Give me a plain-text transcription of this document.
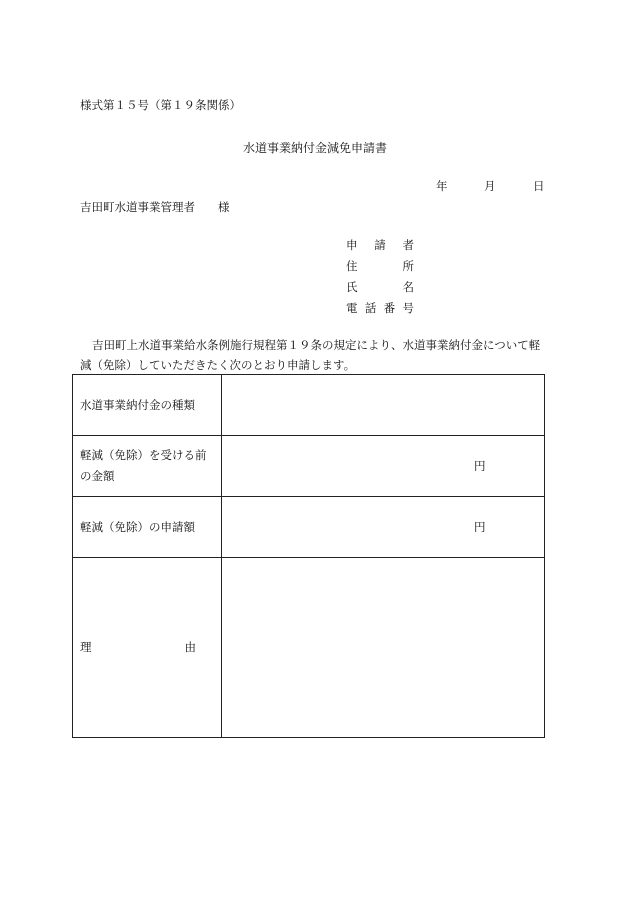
様式第１５号（第１９条関係）
水道事業納付金減免申請書
年	月	日
吉田町水道事業管理者　　様
申 請 者
住	所
氏	名
電 話 番 号
吉田町上水道事業給水条例施行規程第１９条の規定により、水道事業納付金について軽減（免除）していただきたく次のとおり申請します。
水道事業納付金の種類	
軽減（免除）を受ける前の金額	円

軽減（免除）の申請額	円

理 由	
